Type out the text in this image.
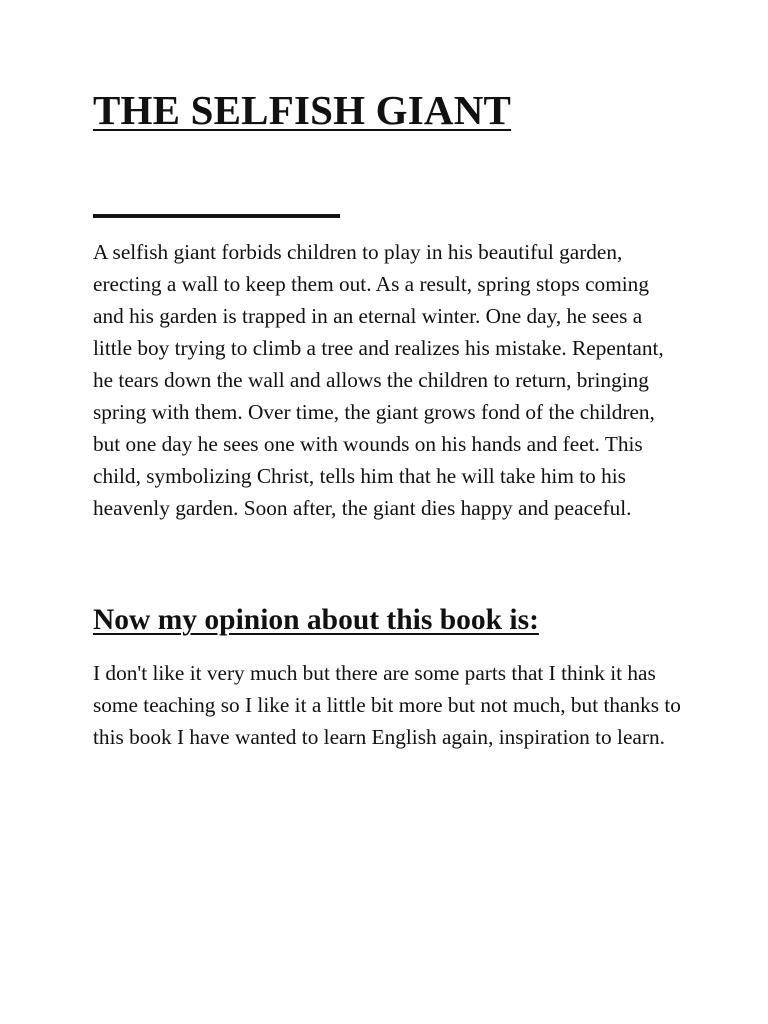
THE SELFISH GIANT

A selfish giant forbids children to play in his beautiful garden, erecting a wall to keep them out. As a result, spring stops coming and his garden is trapped in an eternal winter. One day, he sees a little boy trying to climb a tree and realizes his mistake. Repentant, he tears down the wall and allows the children to return, bringing spring with them. Over time, the giant grows fond of the children, but one day he sees one with wounds on his hands and feet. This child, symbolizing Christ, tells him that he will take him to his heavenly garden. Soon after, the giant dies happy and peaceful.

Now my opinion about this book is:

I don't like it very much but there are some parts that I think it has some teaching so I like it a little bit more but not much, but thanks to this book I have wanted to learn English again, inspiration to learn.
